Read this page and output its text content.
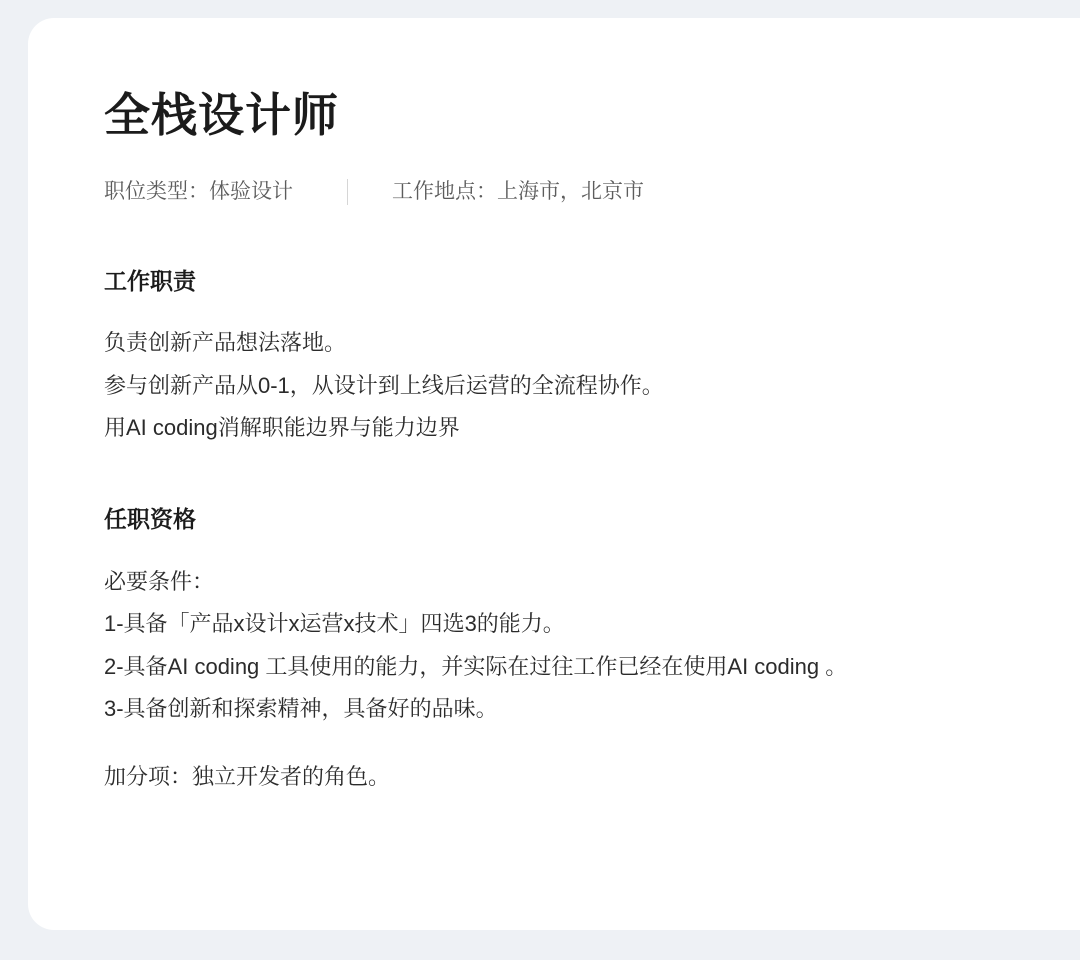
全栈设计师
职位类型：体验设计	工作地点：上海市，北京市
工作职责
负责创新产品想法落地。
参与创新产品从0-1，从设计到上线后运营的全流程协作。
用AI coding消解职能边界与能力边界
任职资格
必要条件：
1-具备「产品x设计x运营x技术」四选3的能力。
2-具备AI coding 工具使用的能力，并实际在过往工作已经在使用AI coding 。
3-具备创新和探索精神，具备好的品味。
加分项：独立开发者的角色。
